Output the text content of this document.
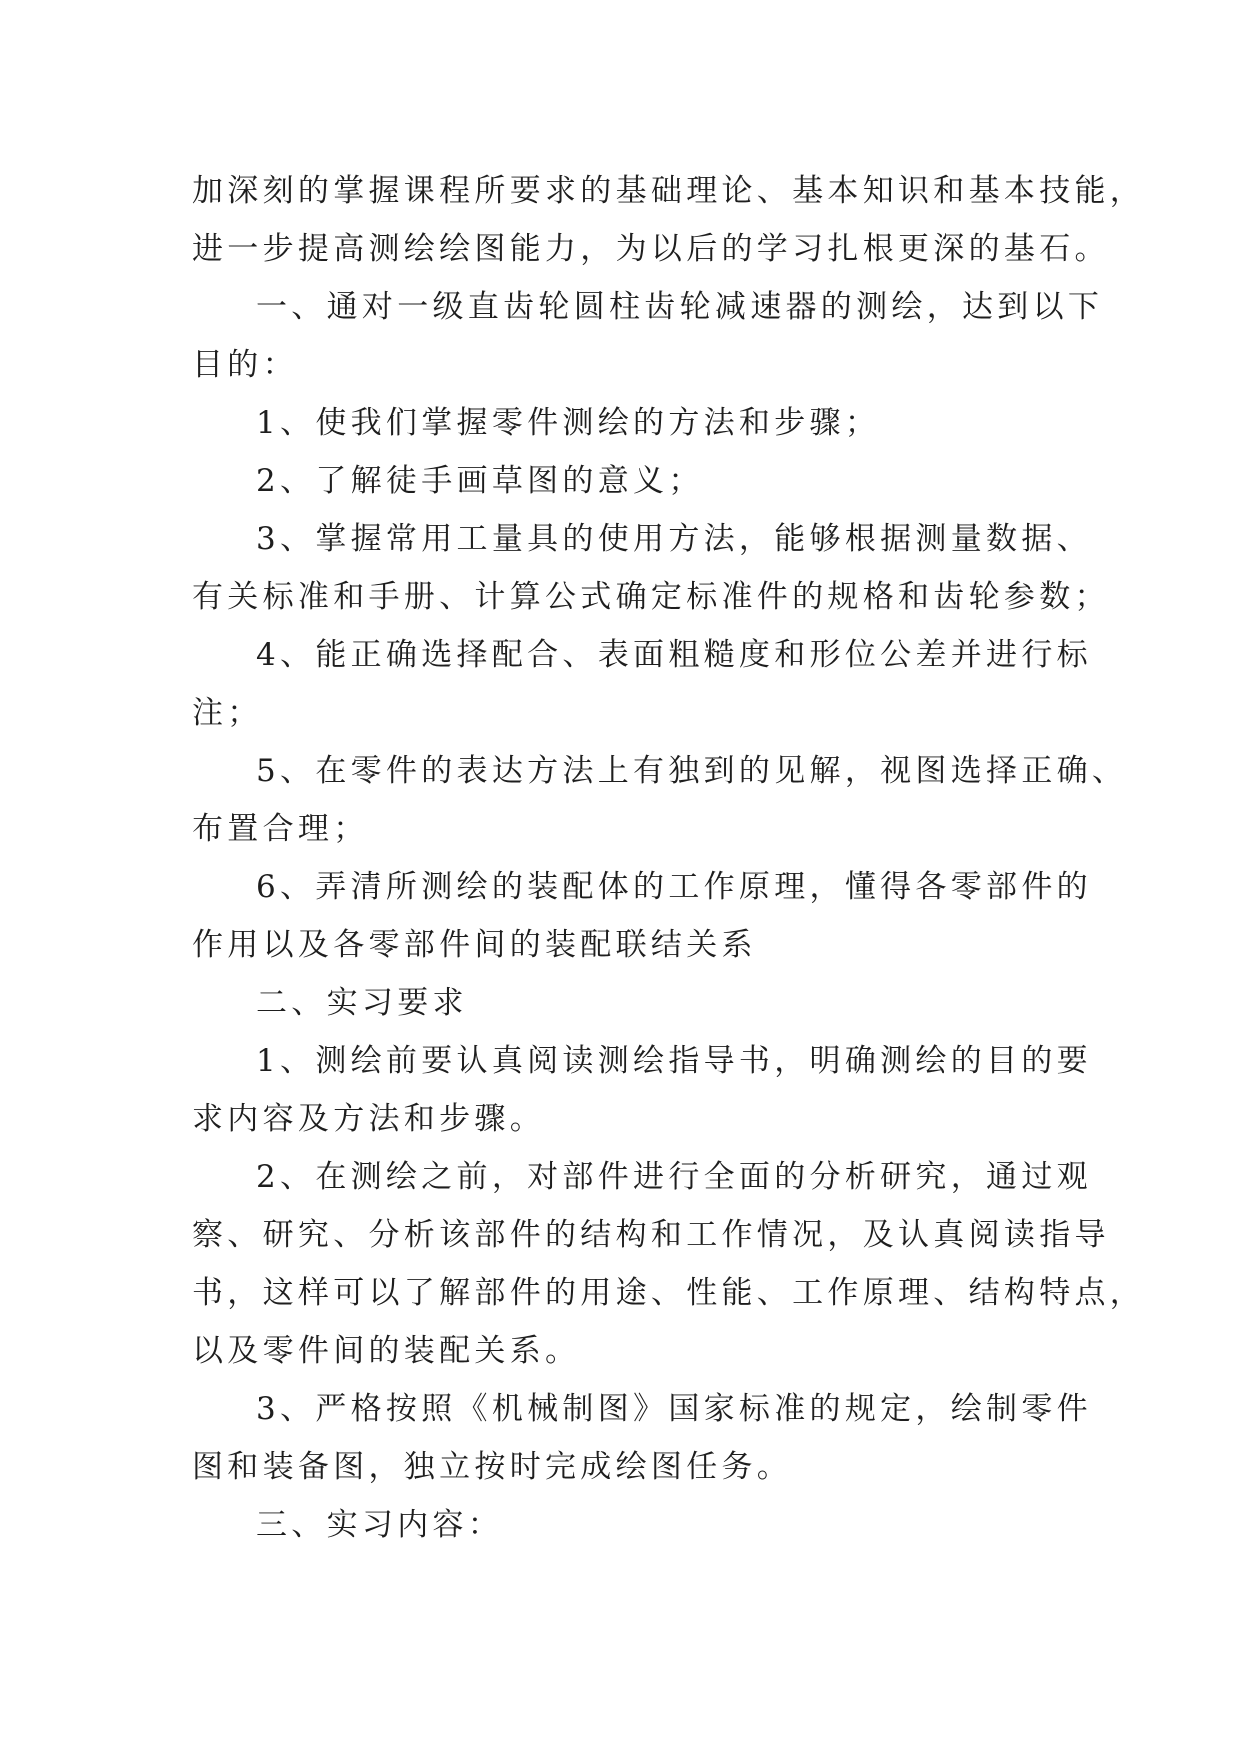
加深刻的掌握课程所要求的基础理论、基本知识和基本技能，
进一步提高测绘绘图能力，为以后的学习扎根更深的基石。
一、通对一级直齿轮圆柱齿轮减速器的测绘，达到以下
目的：
1、使我们掌握零件测绘的方法和步骤；
2、了解徒手画草图的意义；
3、掌握常用工量具的使用方法，能够根据测量数据、
有关标准和手册、计算公式确定标准件的规格和齿轮参数；
4、能正确选择配合、表面粗糙度和形位公差并进行标
注；
5、在零件的表达方法上有独到的见解，视图选择正确、
布置合理；
6、弄清所测绘的装配体的工作原理，懂得各零部件的
作用以及各零部件间的装配联结关系
二、实习要求
1、测绘前要认真阅读测绘指导书，明确测绘的目的要
求内容及方法和步骤。
2、在测绘之前，对部件进行全面的分析研究，通过观
察、研究、分析该部件的结构和工作情况，及认真阅读指导
书，这样可以了解部件的用途、性能、工作原理、结构特点，
以及零件间的装配关系。
3、严格按照《机械制图》国家标准的规定，绘制零件
图和装备图，独立按时完成绘图任务。
三、实习内容：
